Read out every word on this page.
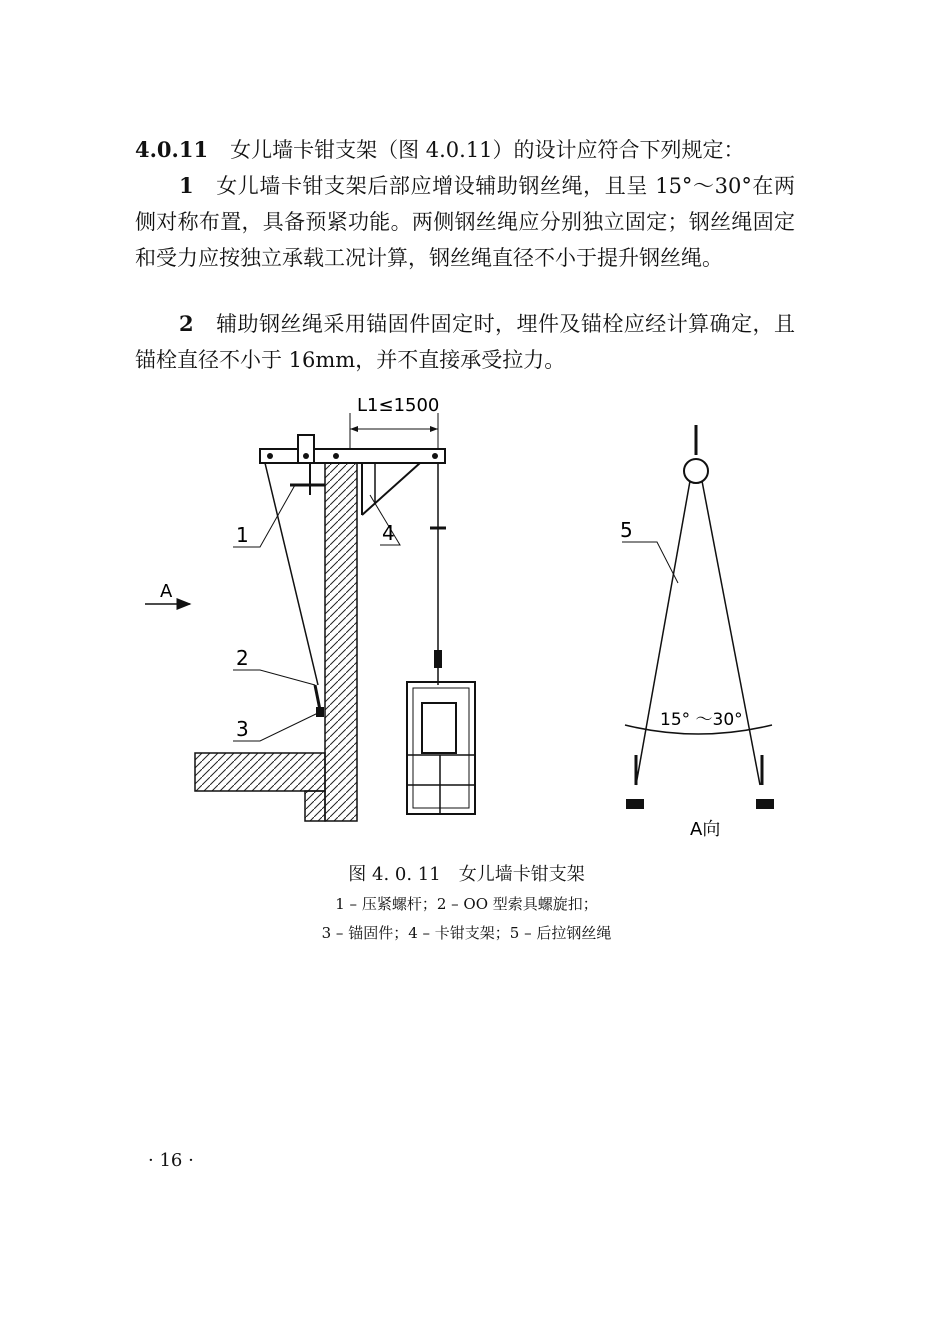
4.0.11 女儿墙卡钳支架（图 4.0.11）的设计应符合下列规定：

1 女儿墙卡钳支架后部应增设辅助钢丝绳，且呈 15°～30°在两侧对称布置，具备预紧功能。两侧钢丝绳应分别独立固定；钢丝绳固定和受力应按独立承载工况计算，钢丝绳直径不小于提升钢丝绳。

2 辅助钢丝绳采用锚固件固定时，埋件及锚栓应经计算确定，且锚栓直径不小于 16mm，并不直接承受拉力。

L1≤1500
1
2
3
4
A
5
15° ～30°
A向

图 4. 0. 11　女儿墙卡钳支架

1 – 压紧螺杆；2 – OO 型索具螺旋扣；

3 – 锚固件；4 – 卡钳支架；5 – 后拉钢丝绳

· 16 ·
